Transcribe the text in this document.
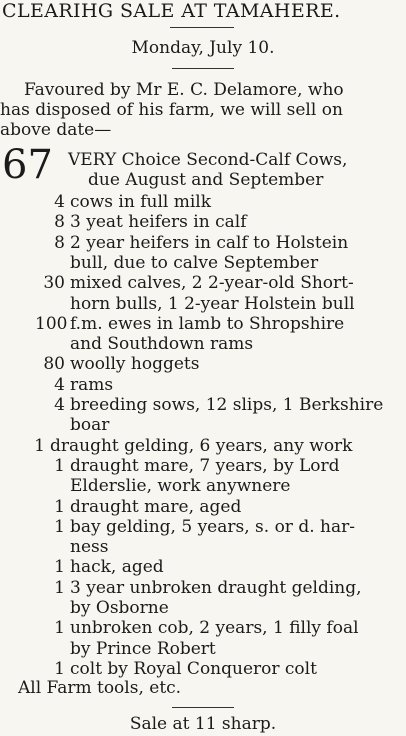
CLEARIHG SALE AT TAMAHERE.
Monday, July 10.
Favoured by Mr E. C. Delamore, who
has disposed of his farm, we will sell on
above date—
67 VERY Choice Second-Calf Cows,
due August and September
4 cows in full milk
8 3 yeat heifers in calf
8 2 year heifers in calf to Holstein
bull, due to calve September
30 mixed calves, 2 2-year-old Short-
horn bulls, 1 2-year Holstein bull
100 f.m. ewes in lamb to Shropshire
and Southdown rams
80 woolly hoggets
4 rams
4 breeding sows, 12 slips, 1 Berkshire
boar
1 draught gelding, 6 years, any work
1 draught mare, 7 years, by Lord
Elderslie, work anywnere
1 draught mare, aged
1 bay gelding, 5 years, s. or d. har-
ness
1 hack, aged
1 3 year unbroken draught gelding,
by Osborne
1 unbroken cob, 2 years, 1 filly foal
by Prince Robert
1 colt by Royal Conqueror colt
All Farm tools, etc.
Sale at 11 sharp.
